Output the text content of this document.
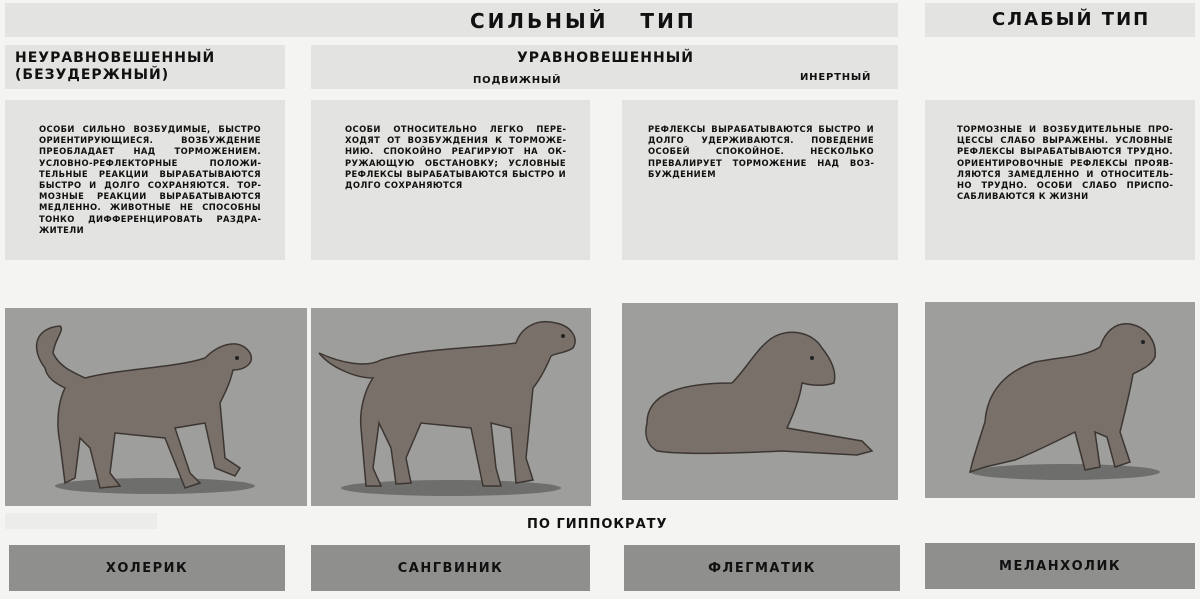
СИЛЬНЫЙ ТИП	СЛАБЫЙ ТИП
НЕУРАВНОВЕШЕННЫЙ
(БЕЗУДЕРЖНЫЙ)
УРАВНОВЕШЕННЫЙ
ПОДВИЖНЫЙ	ИНЕРТНЫЙ

ОСОБИ СИЛЬНО ВОЗБУДИМЫЕ, БЫСТРО ОРИЕНТИРУЮЩИЕСЯ. ВОЗБУЖДЕНИЕ ПРЕОБЛАДАЕТ НАД ТОРМОЖЕНИЕМ. УСЛОВНО-РЕФЛЕКТОРНЫЕ ПОЛОЖИТЕЛЬНЫЕ РЕАКЦИИ ВЫРАБАТЫВАЮТСЯ БЫСТРО И ДОЛГО СОХРАНЯЮТСЯ. ТОРМОЗНЫЕ РЕАКЦИИ ВЫРАБАТЫВАЮТСЯ МЕДЛЕННО. ЖИВОТНЫЕ НЕ СПОСОБНЫ ТОНКО ДИФФЕРЕНЦИРОВАТЬ РАЗДРАЖИТЕЛИ

ОСОБИ ОТНОСИТЕЛЬНО ЛЕГКО ПЕРЕХОДЯТ ОТ ВОЗБУЖДЕНИЯ К ТОРМОЖЕНИЮ. СПОКОЙНО РЕАГИРУЮТ НА ОКРУЖАЮЩУЮ ОБСТАНОВКУ; УСЛОВНЫЕ РЕФЛЕКСЫ ВЫРАБАТЫВАЮТСЯ БЫСТРО И ДОЛГО СОХРАНЯЮТСЯ

РЕФЛЕКСЫ ВЫРАБАТЫВАЮТСЯ БЫСТРО И ДОЛГО УДЕРЖИВАЮТСЯ. ПОВЕДЕНИЕ ОСОБЕЙ СПОКОЙНОЕ. НЕСКОЛЬКО ПРЕВАЛИРУЕТ ТОРМОЖЕНИЕ НАД ВОЗБУЖДЕНИЕМ

ТОРМОЗНЫЕ И ВОЗБУДИТЕЛЬНЫЕ ПРОЦЕССЫ СЛАБО ВЫРАЖЕНЫ. УСЛОВНЫЕ РЕФЛЕКСЫ ВЫРАБАТЫВАЮТСЯ ТРУДНО. ОРИЕНТИРОВОЧНЫЕ РЕФЛЕКСЫ ПРОЯВЛЯЮТСЯ ЗАМЕДЛЕННО И ОТНОСИТЕЛЬНО ТРУДНО. ОСОБИ СЛАБО ПРИСПОСАБЛИВАЮТСЯ К ЖИЗНИ

ПО ГИППОКРАТУ
ХОЛЕРИК	САНГВИНИК	ФЛЕГМАТИК	МЕЛАНХОЛИК
